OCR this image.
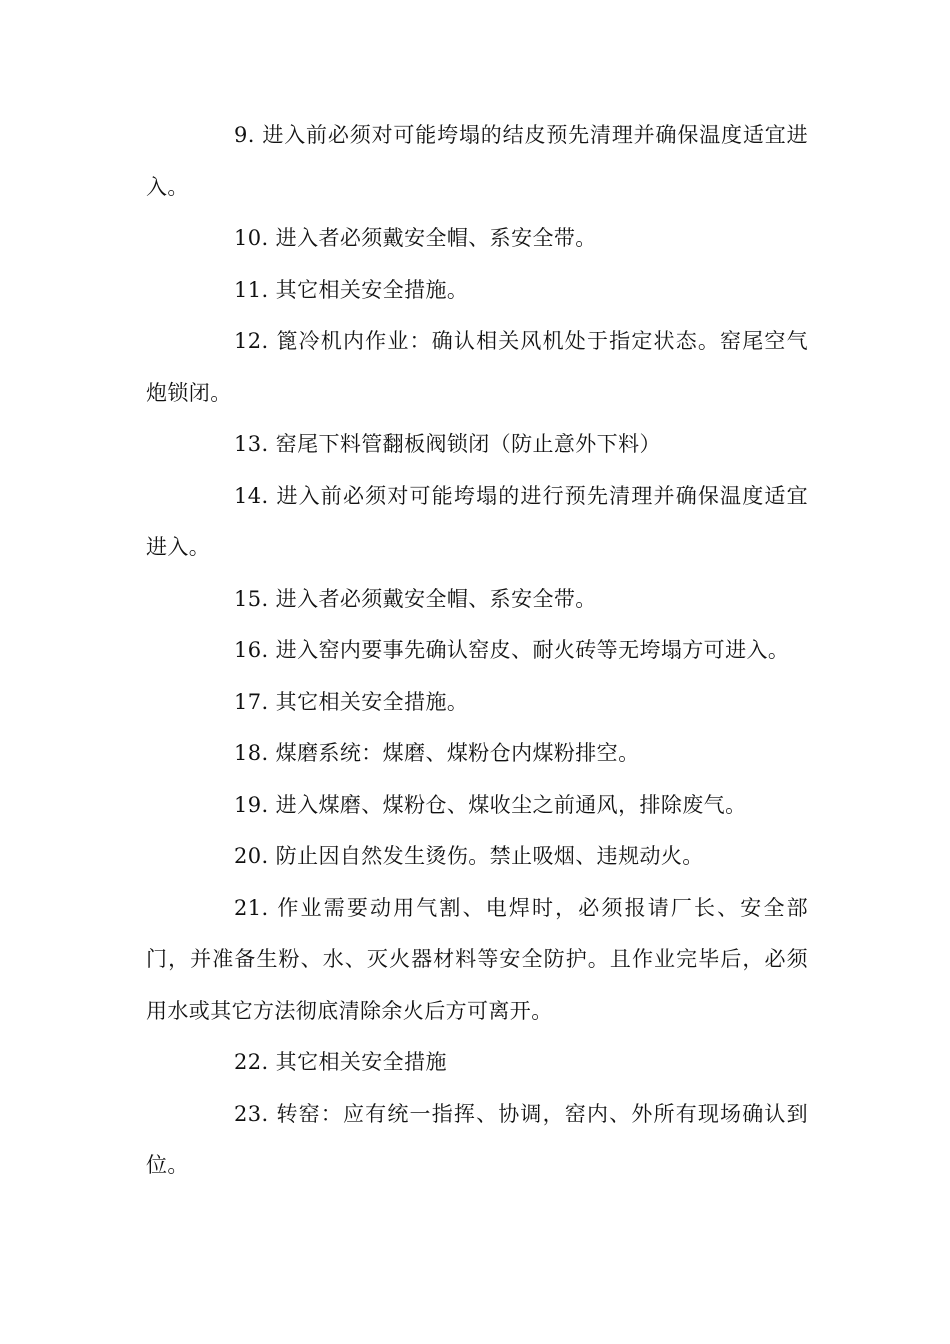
9. 进入前必须对可能垮塌的结皮预先清理并确保温度适宜进入。

10. 进入者必须戴安全帽、系安全带。

11. 其它相关安全措施。

12. 篦冷机内作业：确认相关风机处于指定状态。窑尾空气炮锁闭。

13. 窑尾下料管翻板阀锁闭（防止意外下料）

14. 进入前必须对可能垮塌的进行预先清理并确保温度适宜进入。

15. 进入者必须戴安全帽、系安全带。

16. 进入窑内要事先确认窑皮、耐火砖等无垮塌方可进入。

17. 其它相关安全措施。

18. 煤磨系统：煤磨、煤粉仓内煤粉排空。

19. 进入煤磨、煤粉仓、煤收尘之前通风，排除废气。

20. 防止因自然发生烫伤。禁止吸烟、违规动火。

21. 作业需要动用气割、电焊时，必须报请厂长、安全部门，并准备生粉、水、灭火器材料等安全防护。且作业完毕后，必须用水或其它方法彻底清除余火后方可离开。

22. 其它相关安全措施

23. 转窑：应有统一指挥、协调，窑内、外所有现场确认到位。
